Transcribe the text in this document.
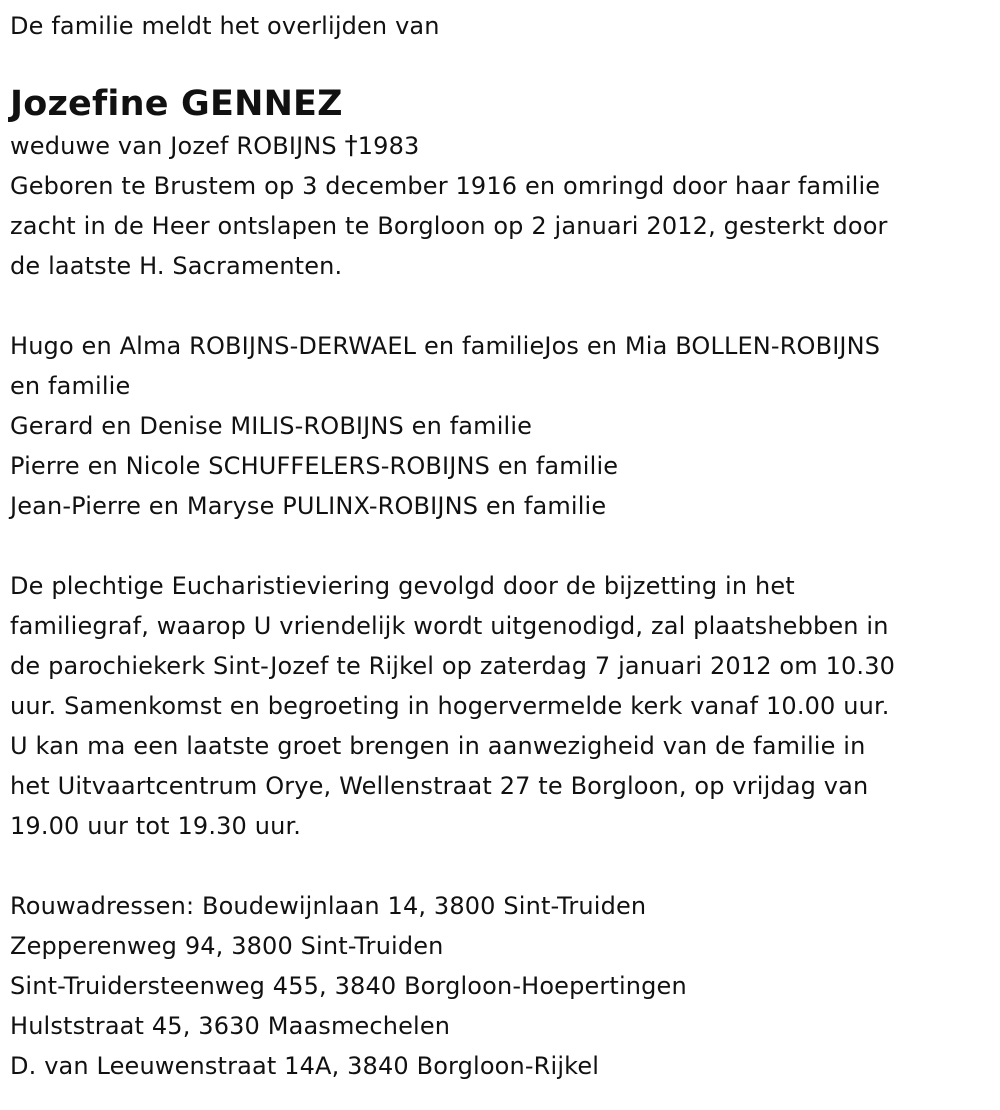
De familie meldt het overlijden van
Jozefine GENNEZ
weduwe van Jozef ROBIJNS †1983
Geboren te Brustem op 3 december 1916 en omringd door haar familie
zacht in de Heer ontslapen te Borgloon op 2 januari 2012, gesterkt door
de laatste H. Sacramenten.
Hugo en Alma ROBIJNS-DERWAEL en familieJos en Mia BOLLEN-ROBIJNS
en familie
Gerard en Denise MILIS-ROBIJNS en familie
Pierre en Nicole SCHUFFELERS-ROBIJNS en familie
Jean-Pierre en Maryse PULINX-ROBIJNS en familie
De plechtige Eucharistieviering gevolgd door de bijzetting in het
familiegraf, waarop U vriendelijk wordt uitgenodigd, zal plaatshebben in
de parochiekerk Sint-Jozef te Rijkel op zaterdag 7 januari 2012 om 10.30
uur. Samenkomst en begroeting in hogervermelde kerk vanaf 10.00 uur.
U kan ma een laatste groet brengen in aanwezigheid van de familie in
het Uitvaartcentrum Orye, Wellenstraat 27 te Borgloon, op vrijdag van
19.00 uur tot 19.30 uur.
Rouwadressen: Boudewijnlaan 14, 3800 Sint-Truiden
Zepperenweg 94, 3800 Sint-Truiden
Sint-Truidersteenweg 455, 3840 Borgloon-Hoepertingen
Hulststraat 45, 3630 Maasmechelen
D. van Leeuwenstraat 14A, 3840 Borgloon-Rijkel
